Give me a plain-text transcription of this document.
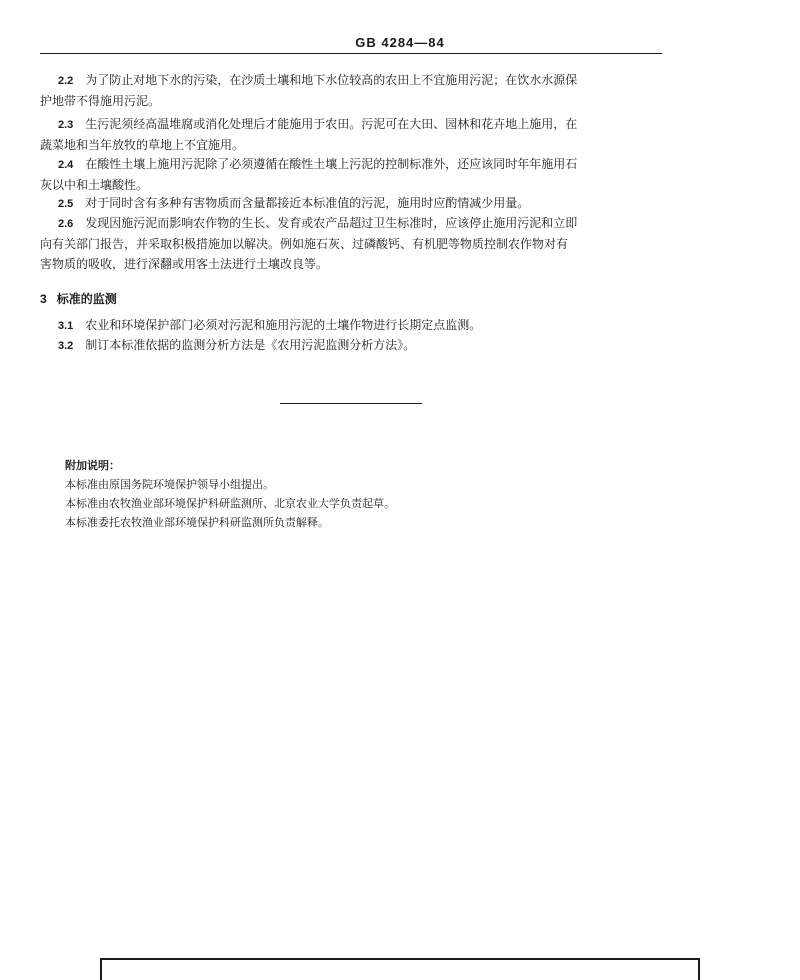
GB 4284—84
2.2 为了防止对地下水的污染，在沙质土壤和地下水位较高的农田上不宜施用污泥；在饮水水源保
护地带不得施用污泥。
2.3 生污泥须经高温堆腐或消化处理后才能施用于农田。污泥可在大田、园林和花卉地上施用，在
蔬菜地和当年放牧的草地上不宜施用。
2.4 在酸性土壤上施用污泥除了必须遵循在酸性土壤上污泥的控制标准外，还应该同时年年施用石
灰以中和土壤酸性。
2.5 对于同时含有多种有害物质而含量都接近本标准值的污泥，施用时应酌情减少用量。
2.6 发现因施污泥而影响农作物的生长、发育或农产品超过卫生标准时，应该停止施用污泥和立即
向有关部门报告，并采取积极措施加以解决。例如施石灰、过磷酸钙、有机肥等物质控制农作物对有
害物质的吸收，进行深翻或用客土法进行土壤改良等。
3 标准的监测
3.1 农业和环境保护部门必须对污泥和施用污泥的土壤作物进行长期定点监测。
3.2 制订本标准依据的监测分析方法是《农用污泥监测分析方法》。
附加说明：
本标准由原国务院环境保护领导小组提出。
本标准由农牧渔业部环境保护科研监测所、北京农业大学负责起草。
本标准委托农牧渔业部环境保护科研监测所负责解释。
